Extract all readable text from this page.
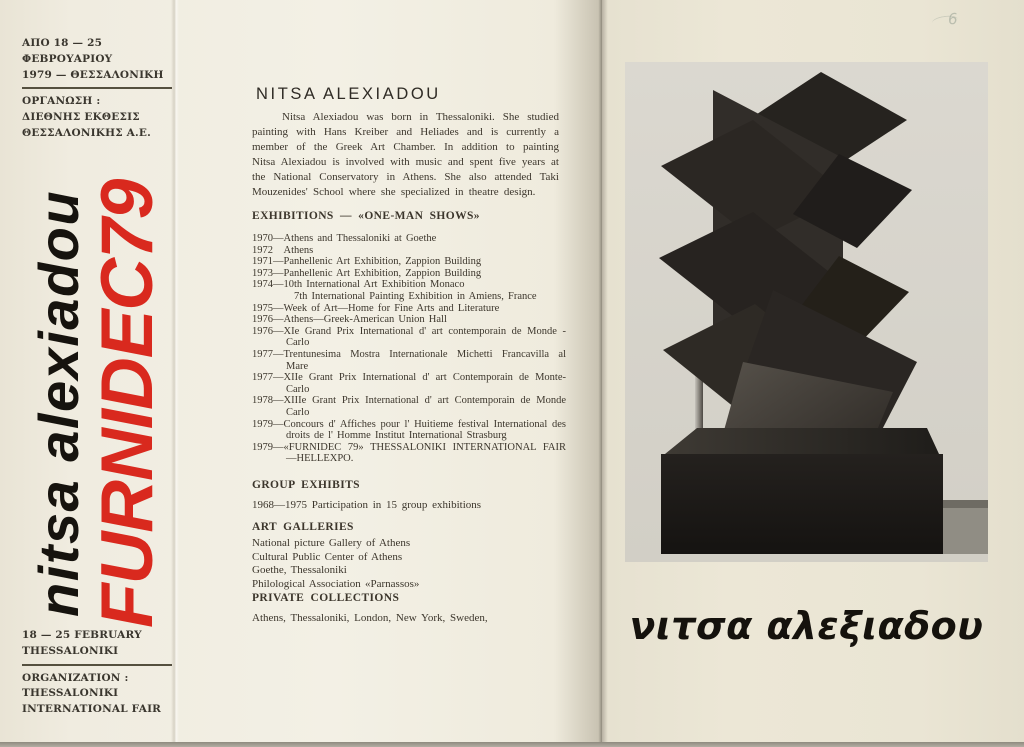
ΑΠΟ 18 — 25 ΦΕΒΡΟΥΑΡΙΟΥ
1979 — ΘΕΣΣΑΛΟΝΙΚΗ
ΟΡΓΑΝΩΣΗ :
ΔΙΕΘΝΗΣ ΕΚΘΕΣΙΣ
ΘΕΣΣΑΛΟΝΙΚΗΣ Α.Ε.
nitsa alexiadou
FURNIDEC79
18 — 25 FEBRUARY
THESSALONIKI
ORGANIZATION :
THESSALONIKI
INTERNATIONAL FAIR
NITSA ALEXIADOU
Nitsa Alexiadou was born in Thessaloniki. She studied painting with Hans Kreiber and Heliades and is currently a member of the Greek Art Chamber. In addition to painting Nitsa Alexiadou is involved with music and spent five years at the National Conservatory in Athens. She also attended Taki Mouzenides' School where she specialized in theatre design.
EXHIBITIONS — «ONE-MAN SHOWS»
1970—Athens and Thessaloniki at Goethe
1972  Athens
1971—Panhellenic Art Exhibition, Zappion Building
1973—Panhellenic Art Exhibition, Zappion Building
1974—10th International Art Exhibition Monaco
7th International Painting Exhibition in Amiens, France
1975—Week of Art—Home for Fine Arts and Literature
1976—Athens—Greek-American Union Hall
1976—XIe Grand Prix International d' art contemporain de Monde - Carlo
1977—Trentunesima Mostra Internationale Michetti Francavilla al Mare
1977—XIIe Grant Prix International d' art Contemporain de Monte-Carlo
1978—XIIIe Grant Prix International d' art Contemporain de Monde Carlo
1979—Concours d' Affiches pour l' Huitieme festival International des droits de l' Homme Institut International Strasburg
1979—«FURNIDEC 79» THESSALONIKI INTERNATIONAL FAIR—HELLEXPO.
GROUP EXHIBITS
1968—1975 Participation in 15 group exhibitions
ART GALLERIES
National picture Gallery of Athens
Cultural Public Center of Athens
Goethe, Thessaloniki
Philological Association «Parnassos»
PRIVATE COLLECTIONS
Athens, Thessaloniki, London, New York, Sweden,	νιτσα αλεξιαδου
6
